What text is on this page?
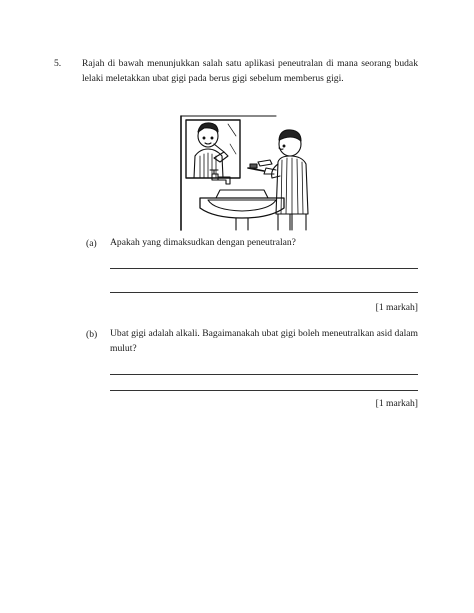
5. Rajah di bawah menunjukkan salah satu aplikasi peneutralan di mana seorang budak
lelaki meletakkan ubat gigi pada berus gigi sebelum memberus gigi.
(a) Apakah yang dimaksudkan dengan peneutralan?
[1 markah]
(b) Ubat gigi adalah alkali. Bagaimanakah ubat gigi boleh meneutralkan asid dalam
mulut?
[1 markah]
